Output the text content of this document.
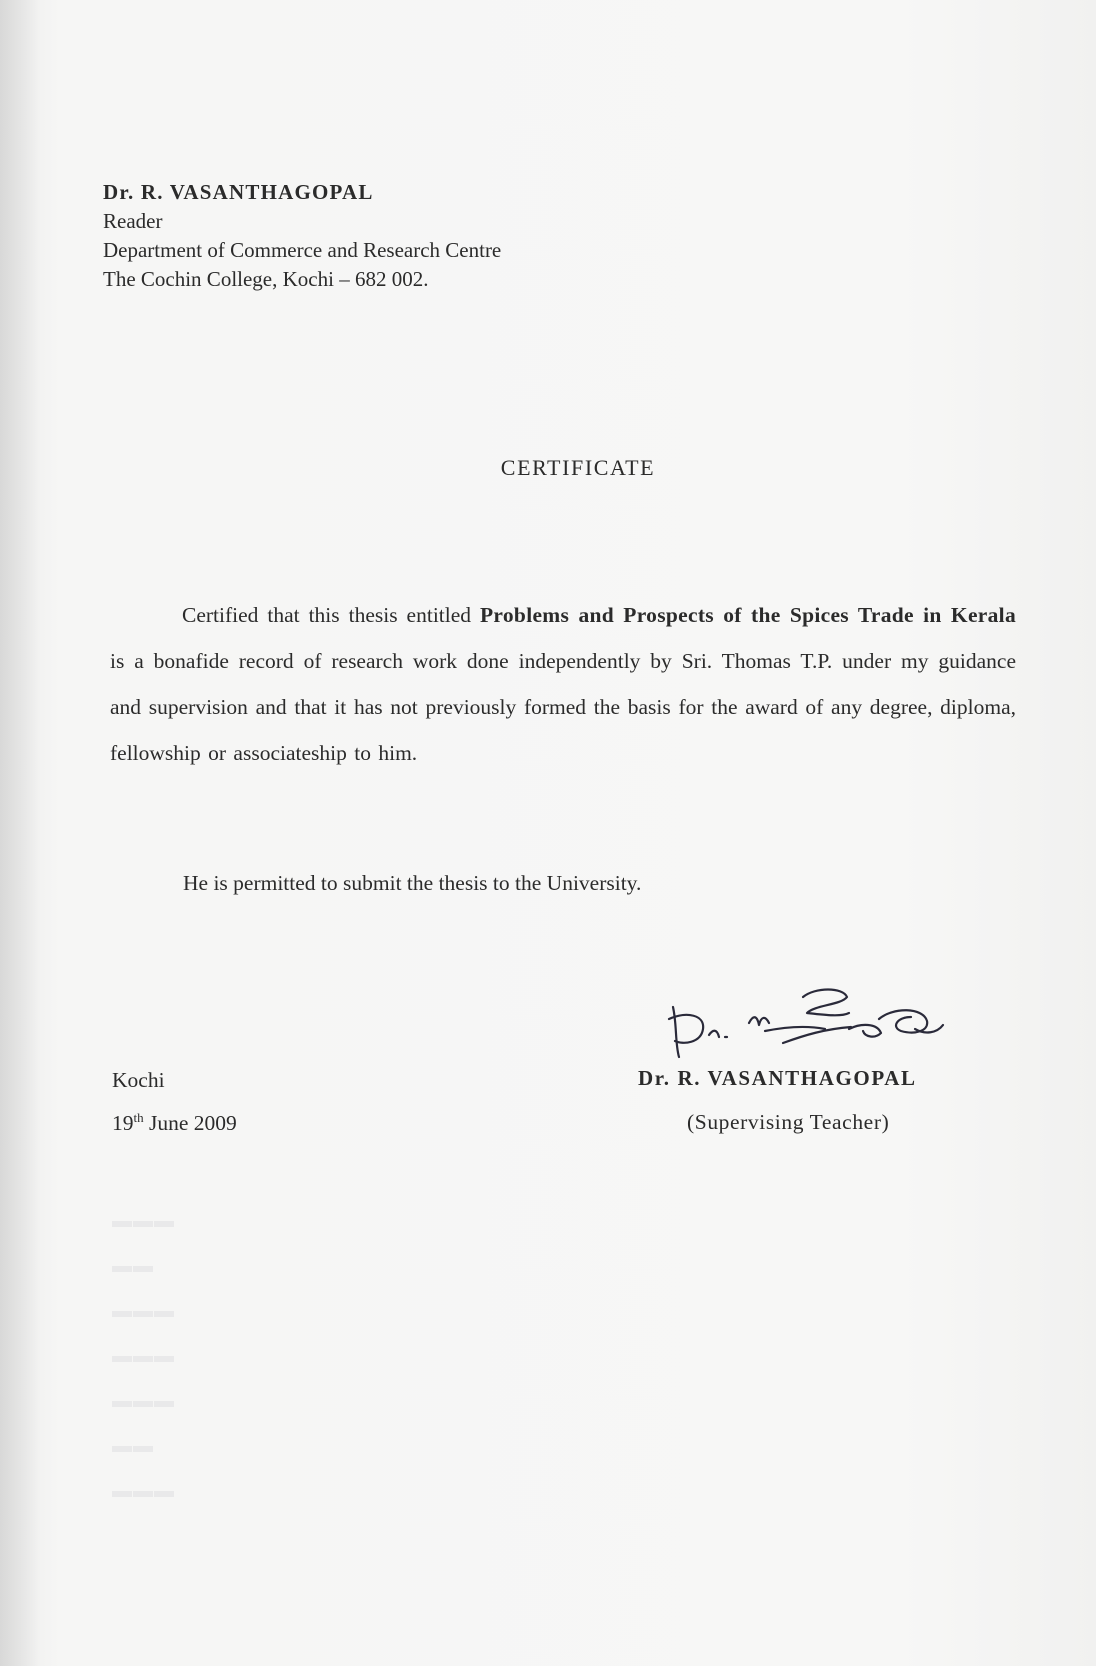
▬▬▬
▬▬
▬▬▬
▬▬▬
▬▬▬
▬▬
▬▬▬
Dr. R. VASANTHAGOPAL
Reader
Department of Commerce and Research Centre
The Cochin College, Kochi – 682 002.
CERTIFICATE
Certified that this thesis entitled Problems and Prospects of the Spices Trade in Kerala is a bonafide record of research work done independently by Sri. Thomas T.P. under my guidance and supervision and that it has not previously formed the basis for the award of any degree, diploma, fellowship or associateship to him.
He is permitted to submit the thesis to the University.
Kochi
19th June 2009
Dr. R. VASANTHAGOPAL
(Supervising Teacher)
